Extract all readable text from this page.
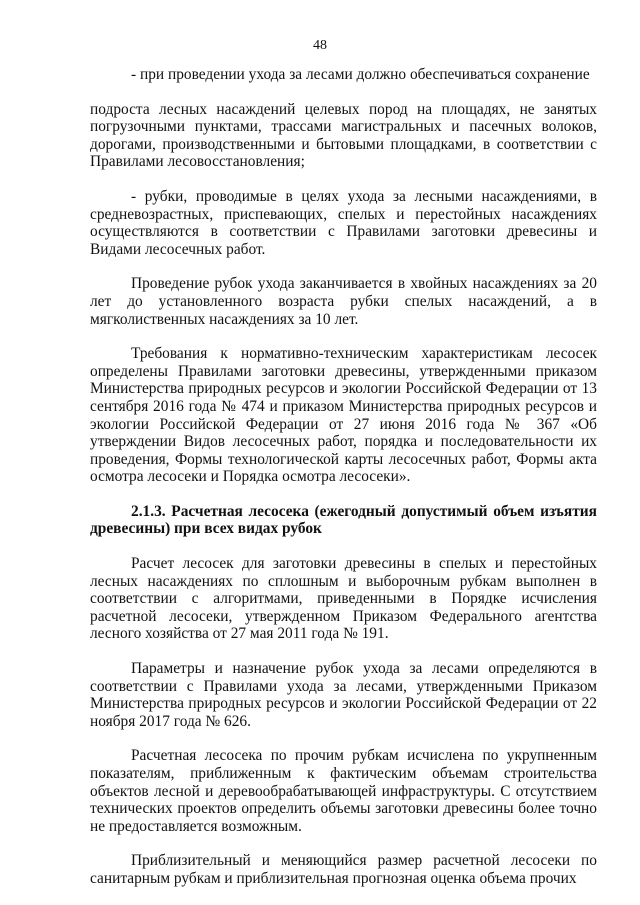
48

- при проведении ухода за лесами должно обеспечиваться сохранение

подроста лесных насаждений целевых пород на площадях, не занятых погрузочными пунктами, трассами магистральных и пасечных волоков, дорогами, производственными и бытовыми площадками, в соответствии с Правилами лесовосстановления;

- рубки, проводимые в целях ухода за лесными насаждениями, в средневозрастных, приспевающих, спелых и перестойных насаждениях осуществляются в соответствии с Правилами заготовки древесины и Видами лесосечных работ.

Проведение рубок ухода заканчивается в хвойных насаждениях за 20 лет до установленного возраста рубки спелых насаждений, а в мягколиственных насаждениях за 10 лет.

Требования к нормативно-техническим характеристикам лесосек определены Правилами заготовки древесины, утвержденными приказом Министерства природных ресурсов и экологии Российской Федерации от 13 сентября 2016 года № 474 и приказом Министерства природных ресурсов и экологии Российской Федерации от 27 июня 2016 года № 367 «Об утверждении Видов лесосечных работ, порядка и последовательности их проведения, Формы технологической карты лесосечных работ, Формы акта осмотра лесосеки и Порядка осмотра лесосеки».

2.1.3. Расчетная лесосека (ежегодный допустимый объем изъятия древесины) при всех видах рубок

Расчет лесосек для заготовки древесины в спелых и перестойных лесных насаждениях по сплошным и выборочным рубкам выполнен в соответствии с алгоритмами, приведенными в Порядке исчисления расчетной лесосеки, утвержденном Приказом Федерального агентства лесного хозяйства от 27 мая 2011 года № 191.

Параметры и назначение рубок ухода за лесами определяются в соответствии с Правилами ухода за лесами, утвержденными Приказом Министерства природных ресурсов и экологии Российской Федерации от 22 ноября 2017 года № 626.

Расчетная лесосека по прочим рубкам исчислена по укрупненным показателям, приближенным к фактическим объемам строительства объектов лесной и деревообрабатывающей инфраструктуры. С отсутствием технических проектов определить объемы заготовки древесины более точно не предоставляется возможным.

Приблизительный и меняющийся размер расчетной лесосеки по санитарным рубкам и приблизительная прогнозная оценка объема прочих
